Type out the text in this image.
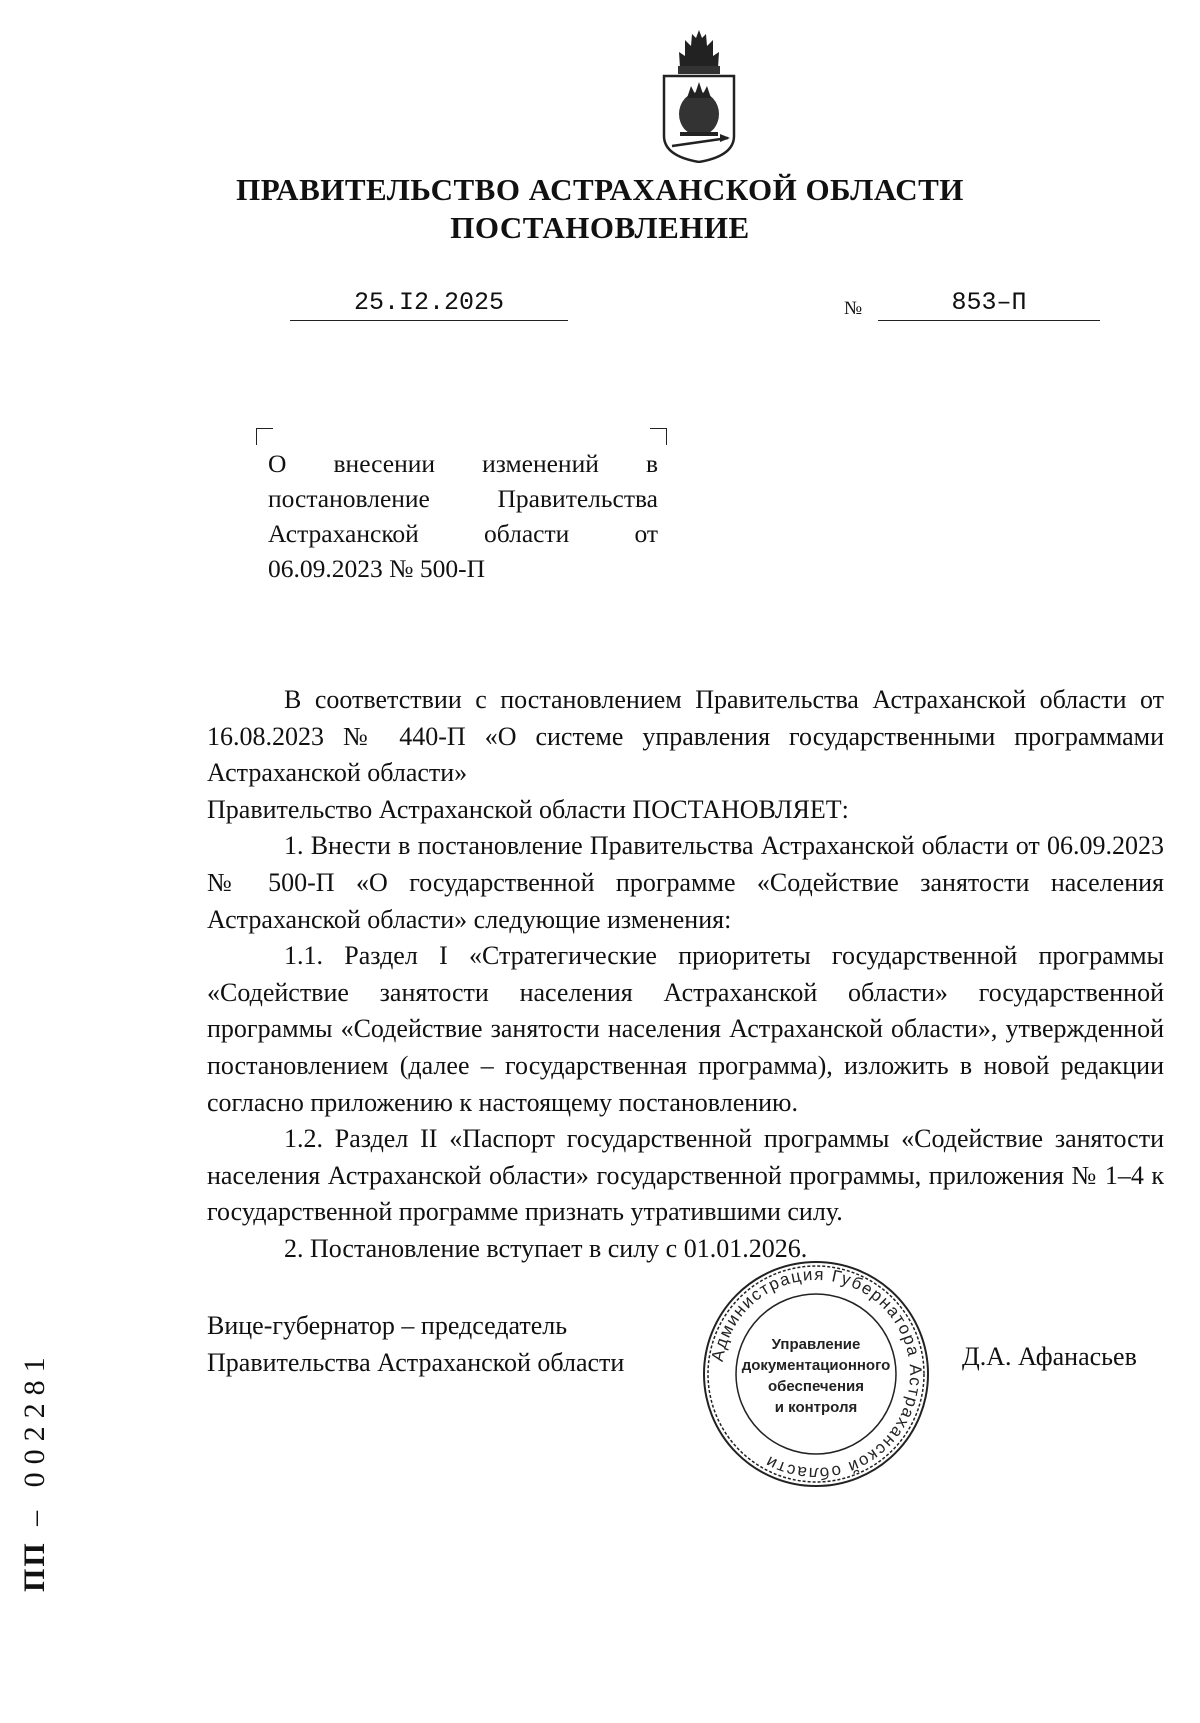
ПРАВИТЕЛЬСТВО АСТРАХАНСКОЙ ОБЛАСТИ
ПОСТАНОВЛЕНИЕ
25.I2.2025	№	853–П
О внесении изменений в постановление Правительства Астраханской области от 06.09.2023 № 500-П

В соответствии с постановлением Правительства Астраханской области от 16.08.2023 № 440-П «О системе управления государственными программами Астраханской области»

Правительство Астраханской области ПОСТАНОВЛЯЕТ:

1. Внести в постановление Правительства Астраханской области от 06.09.2023 № 500-П «О государственной программе «Содействие занятости населения Астраханской области» следующие изменения:

1.1. Раздел I «Стратегические приоритеты государственной программы «Содействие занятости населения Астраханской области» государственной программы «Содействие занятости населения Астраханской области», утвержденной постановлением (далее – государственная программа), изложить в новой редакции согласно приложению к настоящему постановлению.

1.2. Раздел II «Паспорт государственной программы «Содействие занятости населения Астраханской области» государственной программы, приложения № 1–4 к государственной программе признать утратившими силу.

2. Постановление вступает в силу с 01.01.2026.

Вице-губернатор – председатель
Правительства Астраханской области	Администрация Губернатора Астраханской области
Управление
документационного
обеспечения
и контроля
Д.А. Афанасьев
ПП – 002281
